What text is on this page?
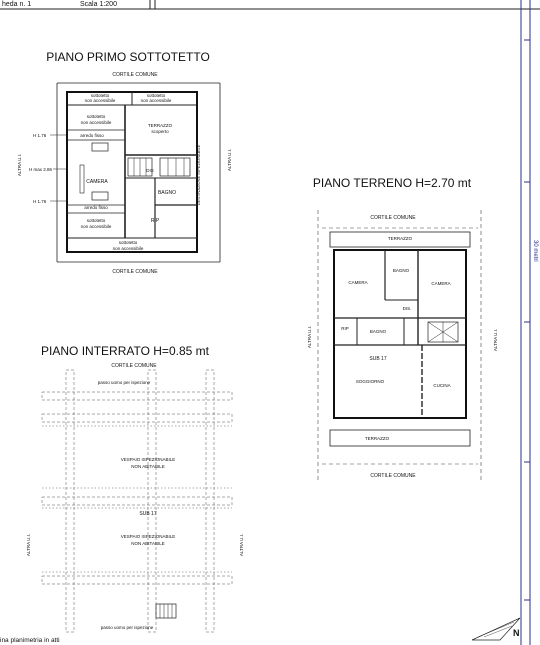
heda n. 1	Scala 1:200
30 metri
PIANO PRIMO SOTTOTETTO
CORTILE COMUNE
CORTILE COMUNE
sottotetto
non accessibile
sottotetto
non accessibile
sottotetto
non accessibile
arredo fisso
TERRAZZO
scoperto
DIS
CAMERA
BAGNO
arredo fisso
RIP
sottotetto
non accessibile
sottotetto
non accessibile
H 1.76
H max 2.86
H 1.76
ALTRA U.I.	ALTRA U.I.
DESTINAZIONE ISPEZIONABILE	PIANO TERRENO H=2.70 mt
CORTILE COMUNE
CORTILE COMUNE
TERRAZZO
BAGNO
CAMERA	CAMERA
DIS.
RIP
BAGNO
SUB 17
SOGGIORNO
CUCINA
TERRAZZO
ALTRA U.I.	ALTRA U.I.
PIANO INTERRATO H=0.85 mt
CORTILE COMUNE
passo uomo per ispezione
VESPAIO ISPEZIONABILE
NON ABITABILE
SUB 17
VESPAIO ISPEZIONABILE
NON ABITABILE
passo uomo per ispezione
ALTRA U.I.	ALTRA U.I.
ina planimetria in atti
N
